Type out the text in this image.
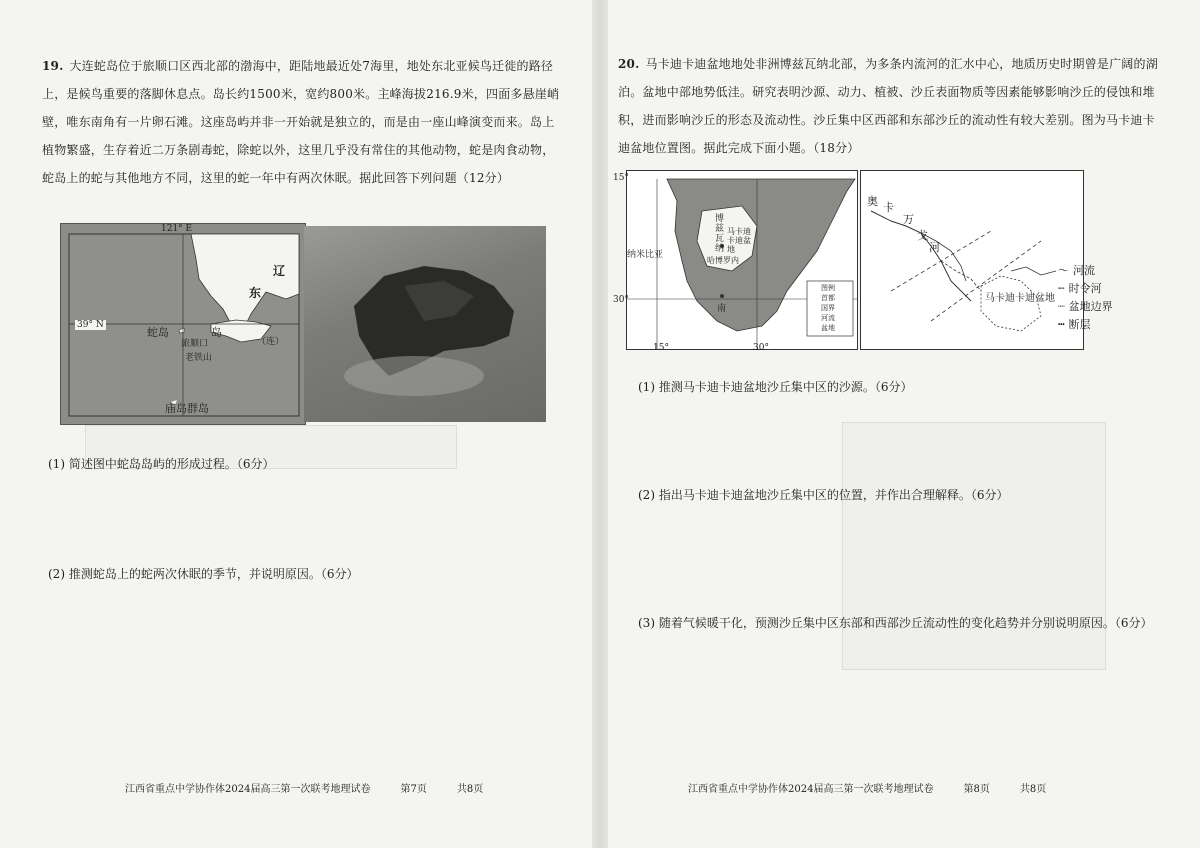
19. 大连蛇岛位于旅顺口区西北部的渤海中，距陆地最近处7海里，地处东北亚候鸟迁徙的路径上，是候鸟重要的落脚休息点。岛长约1500米，宽约800米。主峰海拔216.9米，四面多悬崖峭壁，唯东南角有一片卵石滩。这座岛屿并非一开始就是独立的，而是由一座山峰演变而来。岛上植物繁盛，生存着近二万条剧毒蛇，除蛇以外，这里几乎没有常住的其他动物，蛇是肉食动物，蛇岛上的蛇与其他地方不同，这里的蛇一年中有两次休眠。据此回答下列问题（12分）
121° E
39° N
辽
东
蛇岛	岛
旅顺口
老铁山
（连）
庙岛群岛
(1) 简述图中蛇岛岛屿的形成过程。（6分）
(2) 推测蛇岛上的蛇两次休眠的季节，并说明原因。（6分）
江西省重点中学协作体2024届高三第一次联考地理试卷	第7页	共8页
20. 马卡迪卡迪盆地地处非洲博兹瓦纳北部，为多条内流河的汇水中心，地质历史时期曾是广阔的湖泊。盆地中部地势低洼。研究表明沙源、动力、植被、沙丘表面物质等因素能够影响沙丘的侵蚀和堆积，进而影响沙丘的形态及流动性。沙丘集中区西部和东部沙丘的流动性有较大差别。图为马卡迪卡迪盆地位置图。据此完成下面小题。（18分）
15°
30°
15°	30°
纳米比亚
博
兹
瓦
纳
马卡迪卡迪盆地
哈博罗内
南
图例
首都
国界
河流
盆地
奥 卡
万
戈
河
马卡迪卡迪盆地
〜 河流
╌ 时令河
┈ 盆地边界
┅ 断层
(1) 推测马卡迪卡迪盆地沙丘集中区的沙源。（6分）
(2) 指出马卡迪卡迪盆地沙丘集中区的位置，并作出合理解释。（6分）
(3) 随着气候暖干化，预测沙丘集中区东部和西部沙丘流动性的变化趋势并分别说明原因。（6分）
江西省重点中学协作体2024届高三第一次联考地理试卷	第8页	共8页
